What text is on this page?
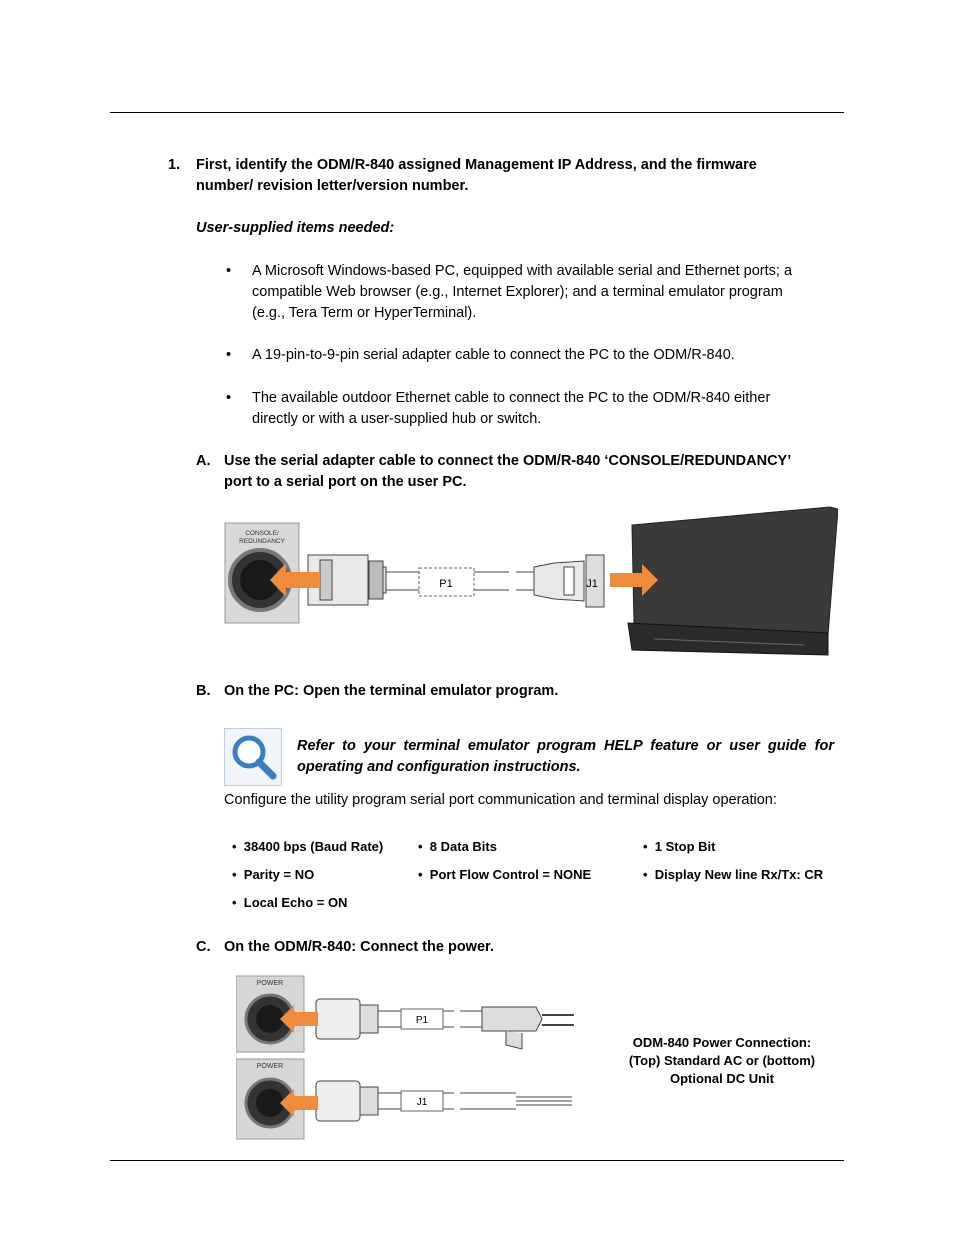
1. First, identify the ODM/R-840 assigned Management IP Address, and the firmware
number/ revision letter/version number.
User-supplied items needed:
• A Microsoft Windows-based PC, equipped with available serial and Ethernet ports; a
compatible Web browser (e.g., Internet Explorer); and a terminal emulator program
(e.g., Tera Term or HyperTerminal).
• A 19-pin-to-9-pin serial adapter cable to connect the PC to the ODM/R-840.
• The available outdoor Ethernet cable to connect the PC to the ODM/R-840 either
directly or with a user-supplied hub or switch.
A. Use the serial adapter cable to connect the ODM/R-840 ‘CONSOLE/REDUNDANCY’
port to a serial port on the user PC.
CONSOLE/
REDUNDANCY
P1	J1
B. On the PC: Open the terminal emulator program.
Refer to your terminal emulator program HELP feature or user guide for
operating and configuration instructions.
Configure the utility program serial port communication and terminal display operation:
•  38400 bps (Baud Rate)	•  8 Data Bits	•  1 Stop Bit
•  Parity = NO	•  Port Flow Control = NONE	•  Display New line Rx/Tx: CR
•  Local Echo = ON
C. On the ODM/R-840: Connect the power.
POWER
POWER
P1
J1
ODM-840 Power Connection:
(Top) Standard AC or (bottom)
Optional DC Unit
